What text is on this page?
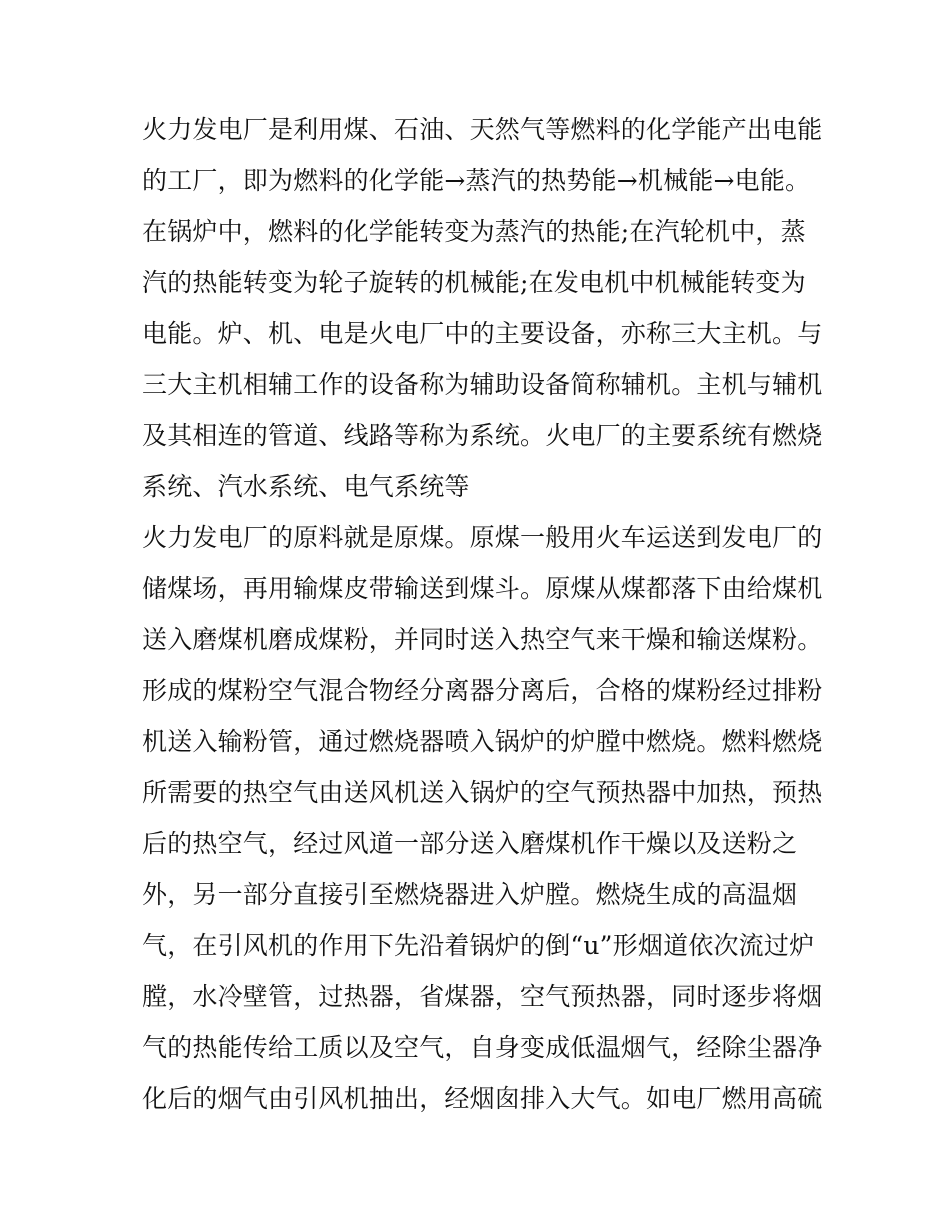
火力发电厂是利用煤、石油、天然气等燃料的化学能产出电能
的工厂，即为燃料的化学能→蒸汽的热势能→机械能→电能。
在锅炉中，燃料的化学能转变为蒸汽的热能;在汽轮机中，蒸
汽的热能转变为轮子旋转的机械能;在发电机中机械能转变为
电能。炉、机、电是火电厂中的主要设备，亦称三大主机。与
三大主机相辅工作的设备称为辅助设备简称辅机。主机与辅机
及其相连的管道、线路等称为系统。火电厂的主要系统有燃烧
系统、汽水系统、电气系统等
火力发电厂的原料就是原煤。原煤一般用火车运送到发电厂的
储煤场，再用输煤皮带输送到煤斗。原煤从煤都落下由给煤机
送入磨煤机磨成煤粉，并同时送入热空气来干燥和输送煤粉。
形成的煤粉空气混合物经分离器分离后，合格的煤粉经过排粉
机送入输粉管，通过燃烧器喷入锅炉的炉膛中燃烧。燃料燃烧
所需要的热空气由送风机送入锅炉的空气预热器中加热，预热
后的热空气，经过风道一部分送入磨煤机作干燥以及送粉之
外，另一部分直接引至燃烧器进入炉膛。燃烧生成的高温烟
气，在引风机的作用下先沿着锅炉的倒“u”形烟道依次流过炉
膛，水冷壁管，过热器，省煤器，空气预热器，同时逐步将烟
气的热能传给工质以及空气，自身变成低温烟气，经除尘器净
化后的烟气由引风机抽出，经烟囱排入大气。如电厂燃用高硫
